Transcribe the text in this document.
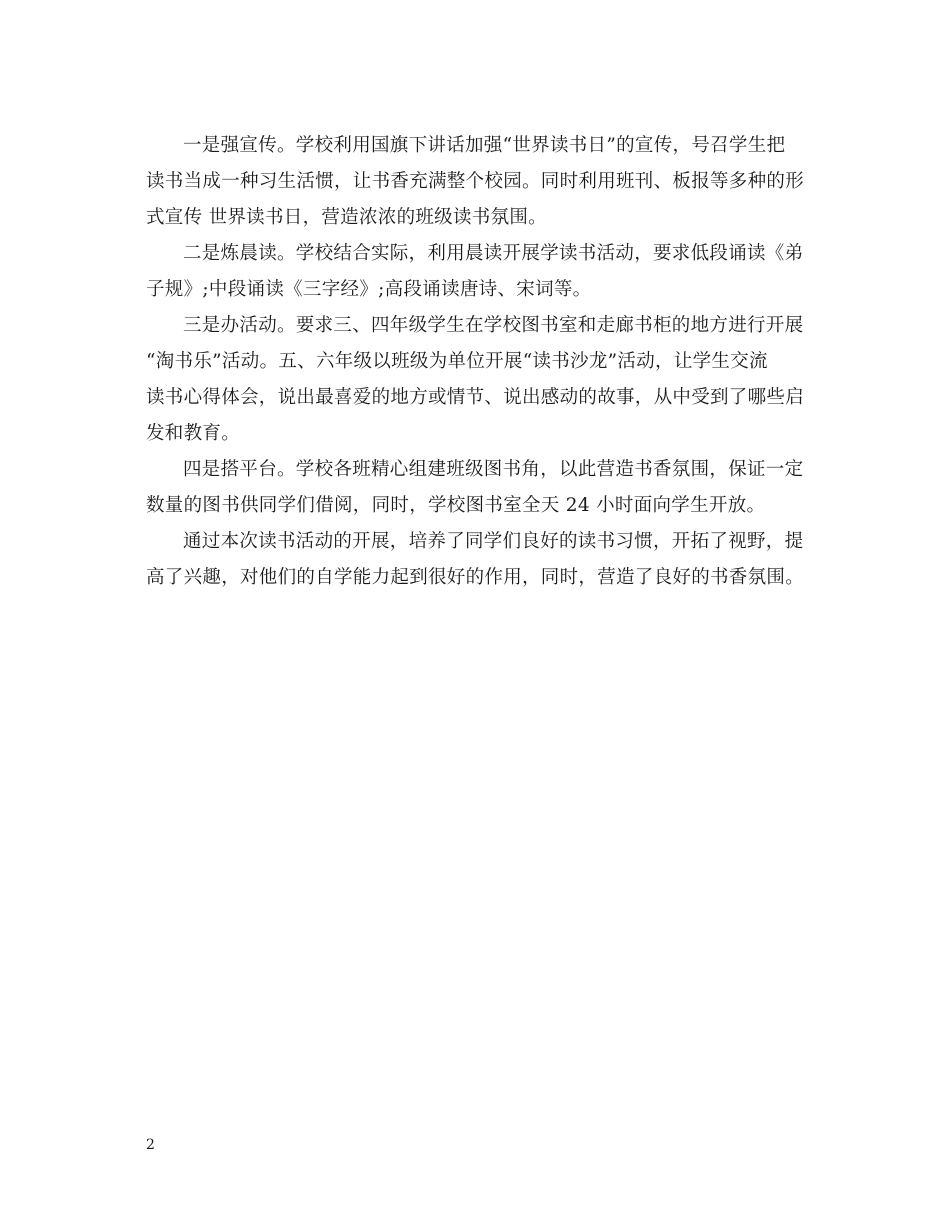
一是强宣传。学校利用国旗下讲话加强“世界读书日”的宣传，号召学生把
读书当成一种习生活惯，让书香充满整个校园。同时利用班刊、板报等多种的形
式宣传 世界读书日，营造浓浓的班级读书氛围。

二是炼晨读。学校结合实际，利用晨读开展学读书活动，要求低段诵读《弟
子规》;中段诵读《三字经》;高段诵读唐诗、宋词等。

三是办活动。要求三、四年级学生在学校图书室和走廊书柜的地方进行开展
“淘书乐”活动。五、六年级以班级为单位开展“读书沙龙”活动，让学生交流
读书心得体会，说出最喜爱的地方或情节、说出感动的故事，从中受到了哪些启
发和教育。

四是搭平台。学校各班精心组建班级图书角，以此营造书香氛围，保证一定
数量的图书供同学们借阅，同时，学校图书室全天 24 小时面向学生开放。

通过本次读书活动的开展，培养了同学们良好的读书习惯，开拓了视野，提
高了兴趣，对他们的自学能力起到很好的作用，同时，营造了良好的书香氛围。

2
